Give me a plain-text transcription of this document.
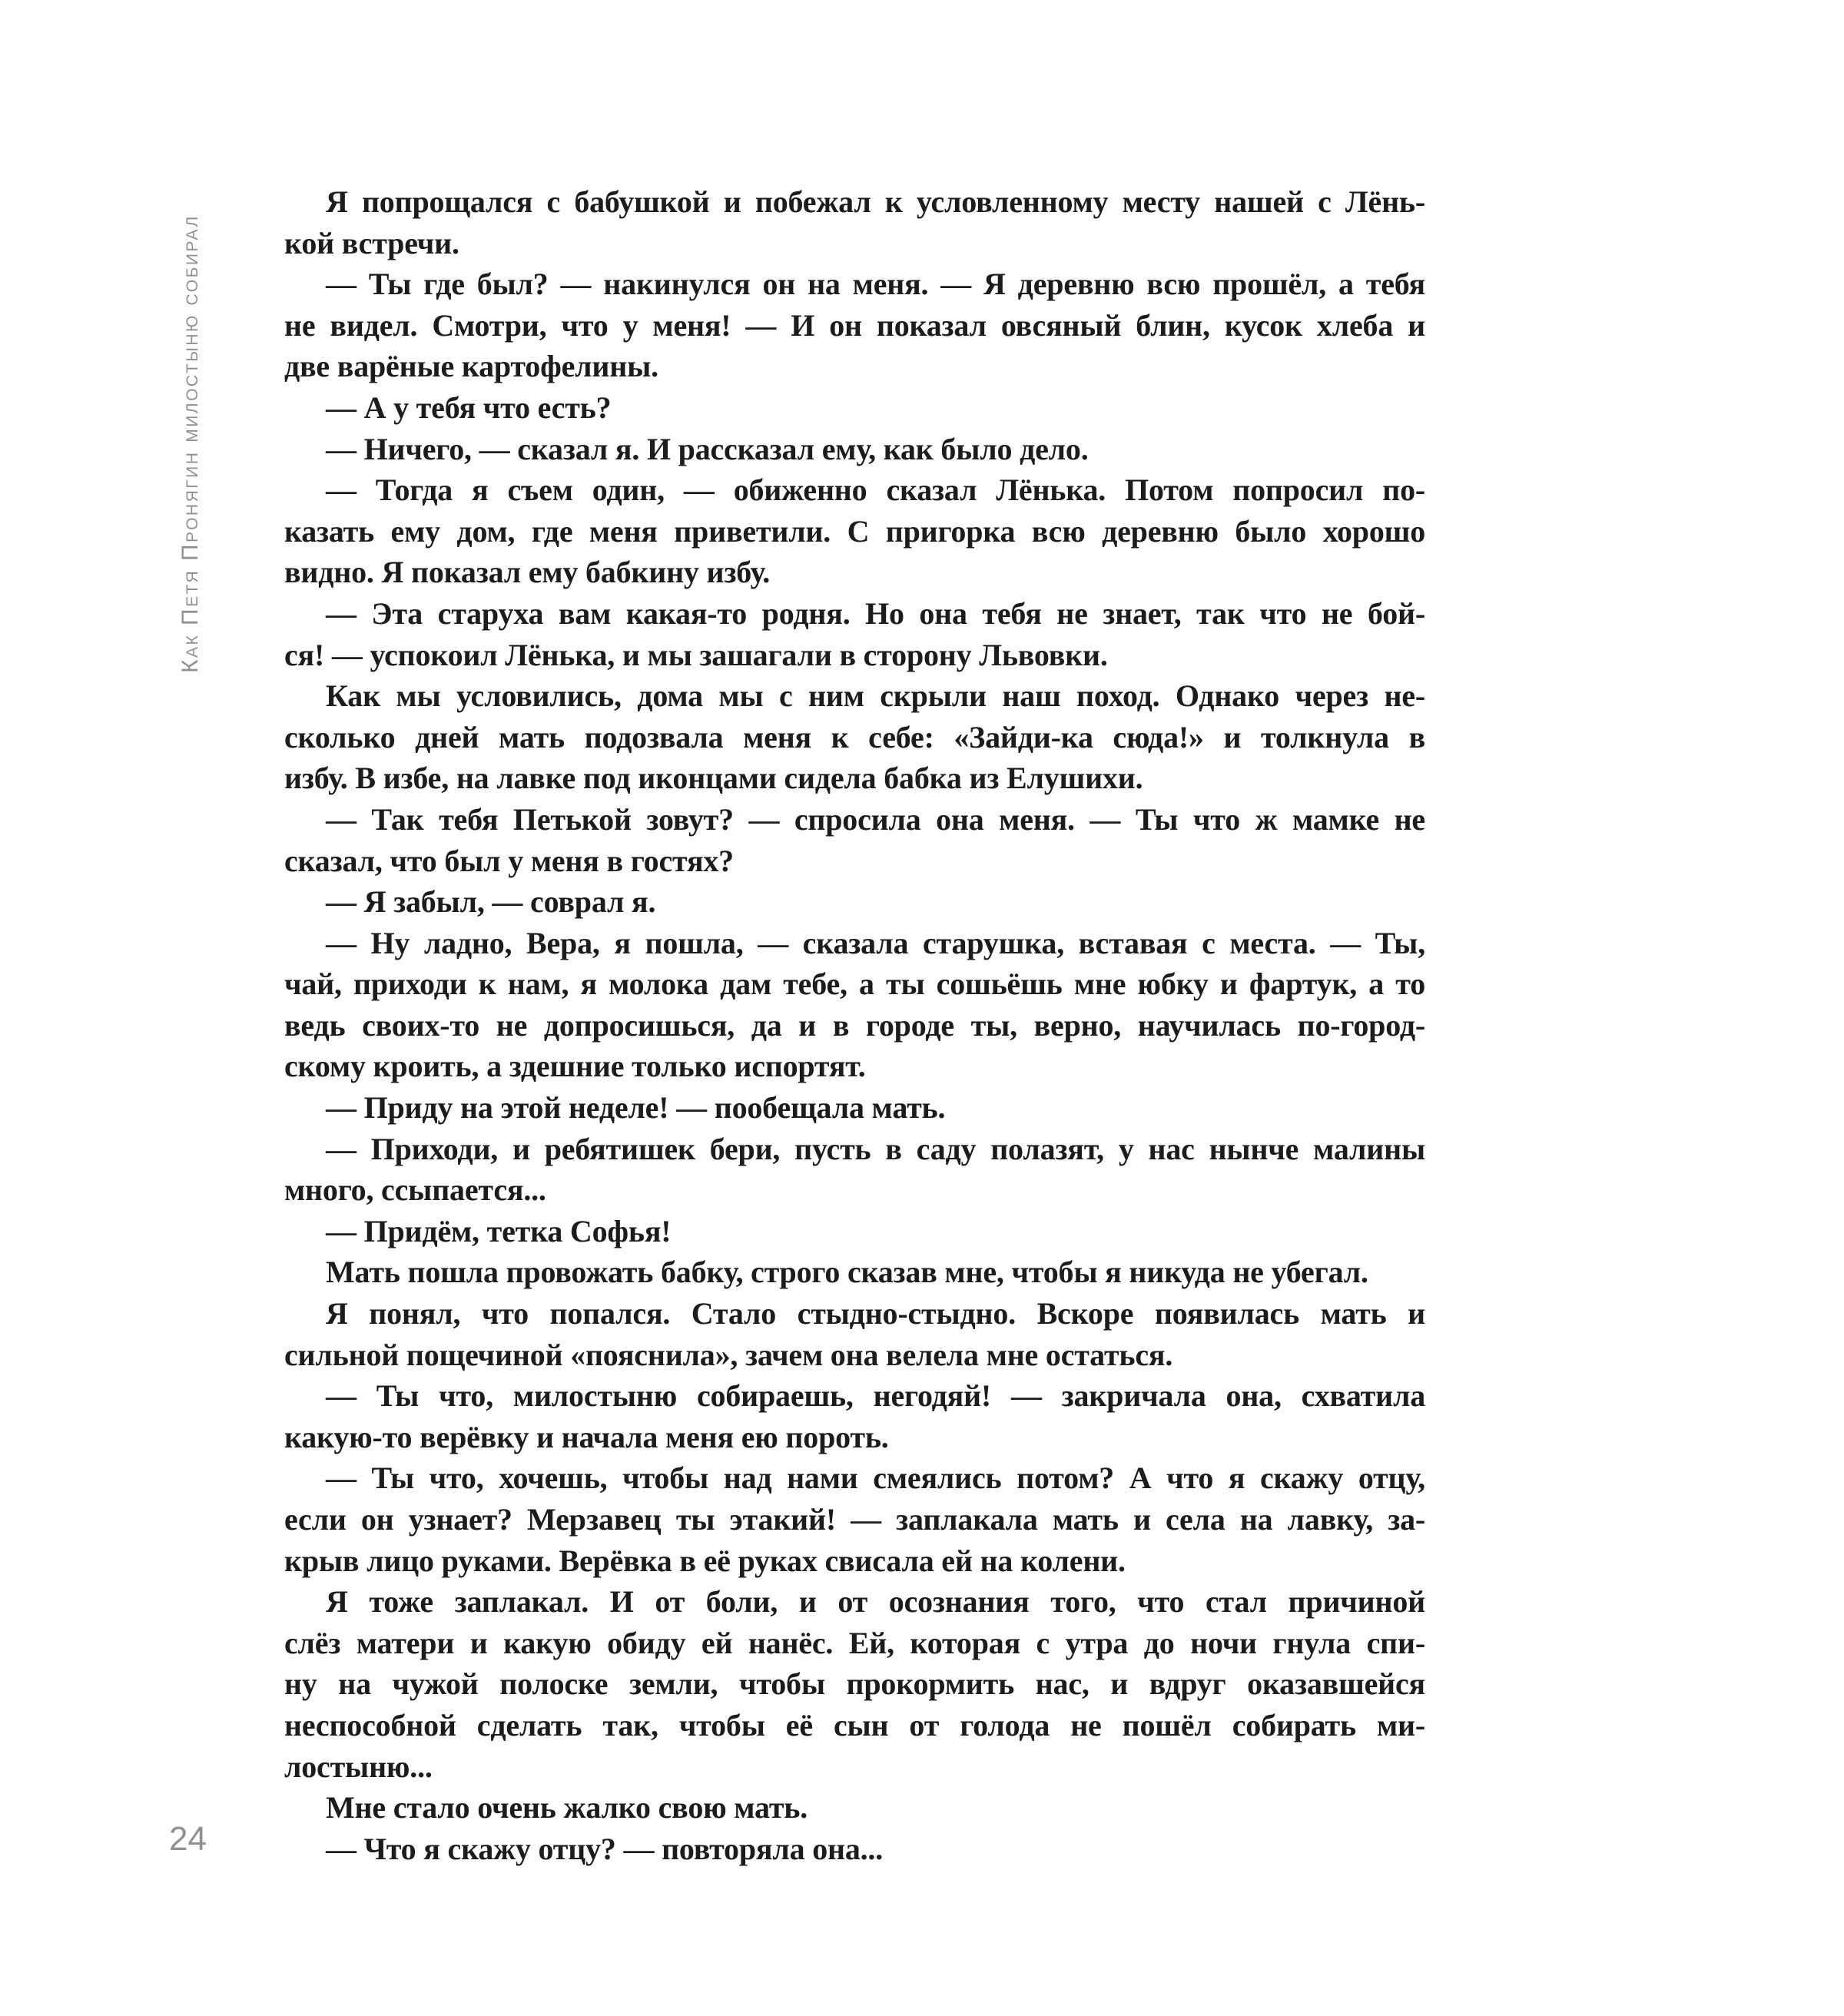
Как Петя Пронягин милостыню собирал
24
Я попрощался с бабушкой и побежал к условленному месту нашей с Лёнь-
кой встречи.
— Ты где был? — накинулся он на меня. — Я деревню всю прошёл, а тебя
не видел. Смотри, что у меня! — И он показал овсяный блин, кусок хлеба и
две варёные картофелины.
— А у тебя что есть?
— Ничего, — сказал я. И рассказал ему, как было дело.
— Тогда я съем один, — обиженно сказал Лёнька. Потом попросил по-
казать ему дом, где меня приветили. С пригорка всю деревню было хорошо
видно. Я показал ему бабкину избу.
— Эта старуха вам какая-то родня. Но она тебя не знает, так что не бой-
ся! — успокоил Лёнька, и мы зашагали в сторону Львовки.
Как мы условились, дома мы с ним скрыли наш поход. Однако через не-
сколько дней мать подозвала меня к себе: «Зайди-ка сюда!» и толкнула в
избу. В избе, на лавке под иконцами сидела бабка из Елушихи.
— Так тебя Петькой зовут? — спросила она меня. — Ты что ж мамке не
сказал, что был у меня в гостях?
— Я забыл, — соврал я.
— Ну ладно, Вера, я пошла, — сказала старушка, вставая с места. — Ты,
чай, приходи к нам, я молока дам тебе, а ты сошьёшь мне юбку и фартук, а то
ведь своих-то не допросишься, да и в городе ты, верно, научилась по-город-
скому кроить, а здешние только испортят.
— Приду на этой неделе! — пообещала мать.
— Приходи, и ребятишек бери, пусть в саду полазят, у нас нынче малины
много, ссыпается...
— Придём, тетка Софья!
Мать пошла провожать бабку, строго сказав мне, чтобы я никуда не убегал.
Я понял, что попался. Стало стыдно-стыдно. Вскоре появилась мать и
сильной пощечиной «пояснила», зачем она велела мне остаться.
— Ты что, милостыню собираешь, негодяй! — закричала она, схватила
какую-то верёвку и начала меня ею пороть.
— Ты что, хочешь, чтобы над нами смеялись потом? А что я скажу отцу,
если он узнает? Мерзавец ты этакий! — заплакала мать и села на лавку, за-
крыв лицо руками. Верёвка в её руках свисала ей на колени.
Я тоже заплакал. И от боли, и от осознания того, что стал причиной
слёз матери и какую обиду ей нанёс. Ей, которая с утра до ночи гнула спи-
ну на чужой полоске земли, чтобы прокормить нас, и вдруг оказавшейся
неспособной сделать так, чтобы её сын от голода не пошёл собирать ми-
лостыню...
Мне стало очень жалко свою мать.
— Что я скажу отцу? — повторяла она...
